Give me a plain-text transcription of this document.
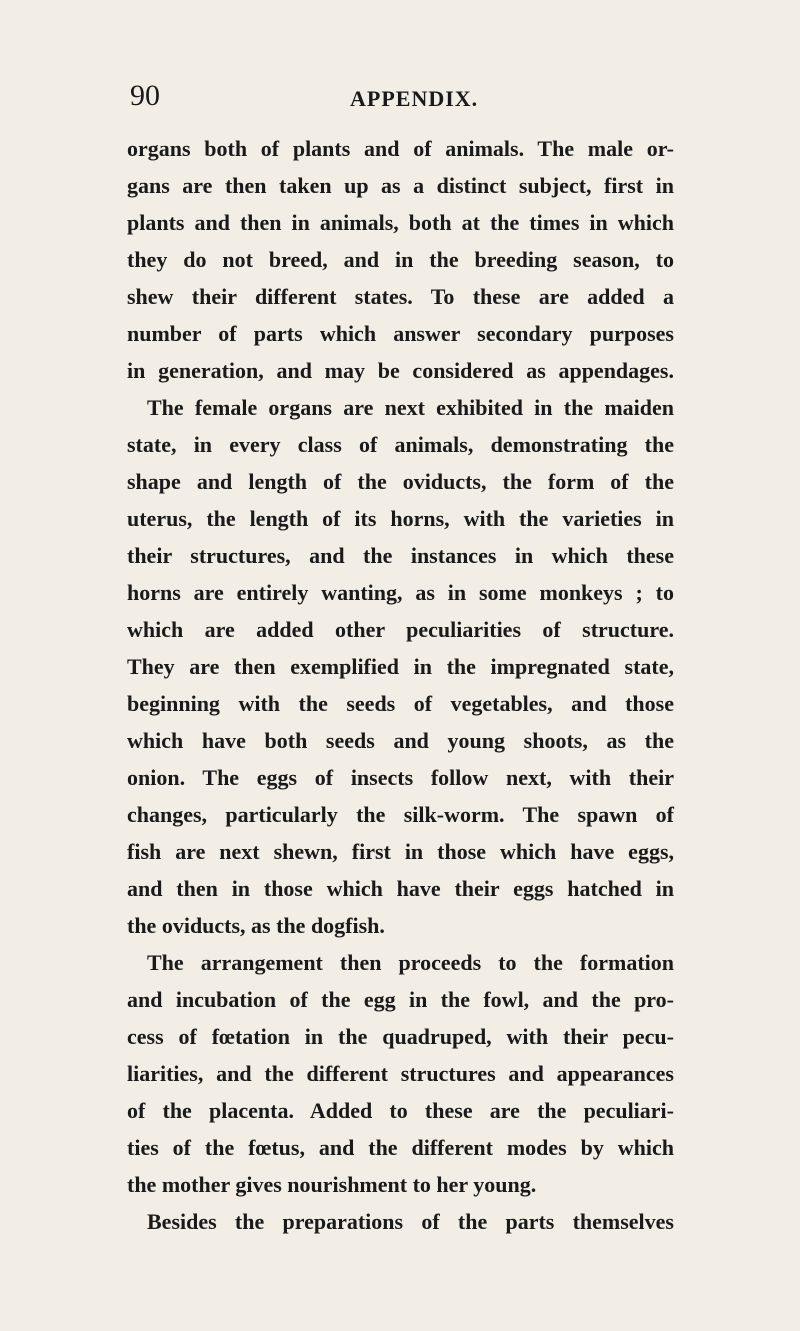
90	APPENDIX.
organs both of plants and of animals. The male or-
gans are then taken up as a distinct subject, first in
plants and then in animals, both at the times in which
they do not breed, and in the breeding season, to
shew their different states. To these are added a
number of parts which answer secondary purposes
in generation, and may be considered as appendages.
The female organs are next exhibited in the maiden
state, in every class of animals, demonstrating the
shape and length of the oviducts, the form of the
uterus, the length of its horns, with the varieties in
their structures, and the instances in which these
horns are entirely wanting, as in some monkeys ; to
which are added other peculiarities of structure.
They are then exemplified in the impregnated state,
beginning with the seeds of vegetables, and those
which have both seeds and young shoots, as the
onion. The eggs of insects follow next, with their
changes, particularly the silk-worm. The spawn of
fish are next shewn, first in those which have eggs,
and then in those which have their eggs hatched in
the oviducts, as the dogfish.
The arrangement then proceeds to the formation
and incubation of the egg in the fowl, and the pro-
cess of fœtation in the quadruped, with their pecu-
liarities, and the different structures and appearances
of the placenta. Added to these are the peculiari-
ties of the fœtus, and the different modes by which
the mother gives nourishment to her young.
Besides the preparations of the parts themselves
